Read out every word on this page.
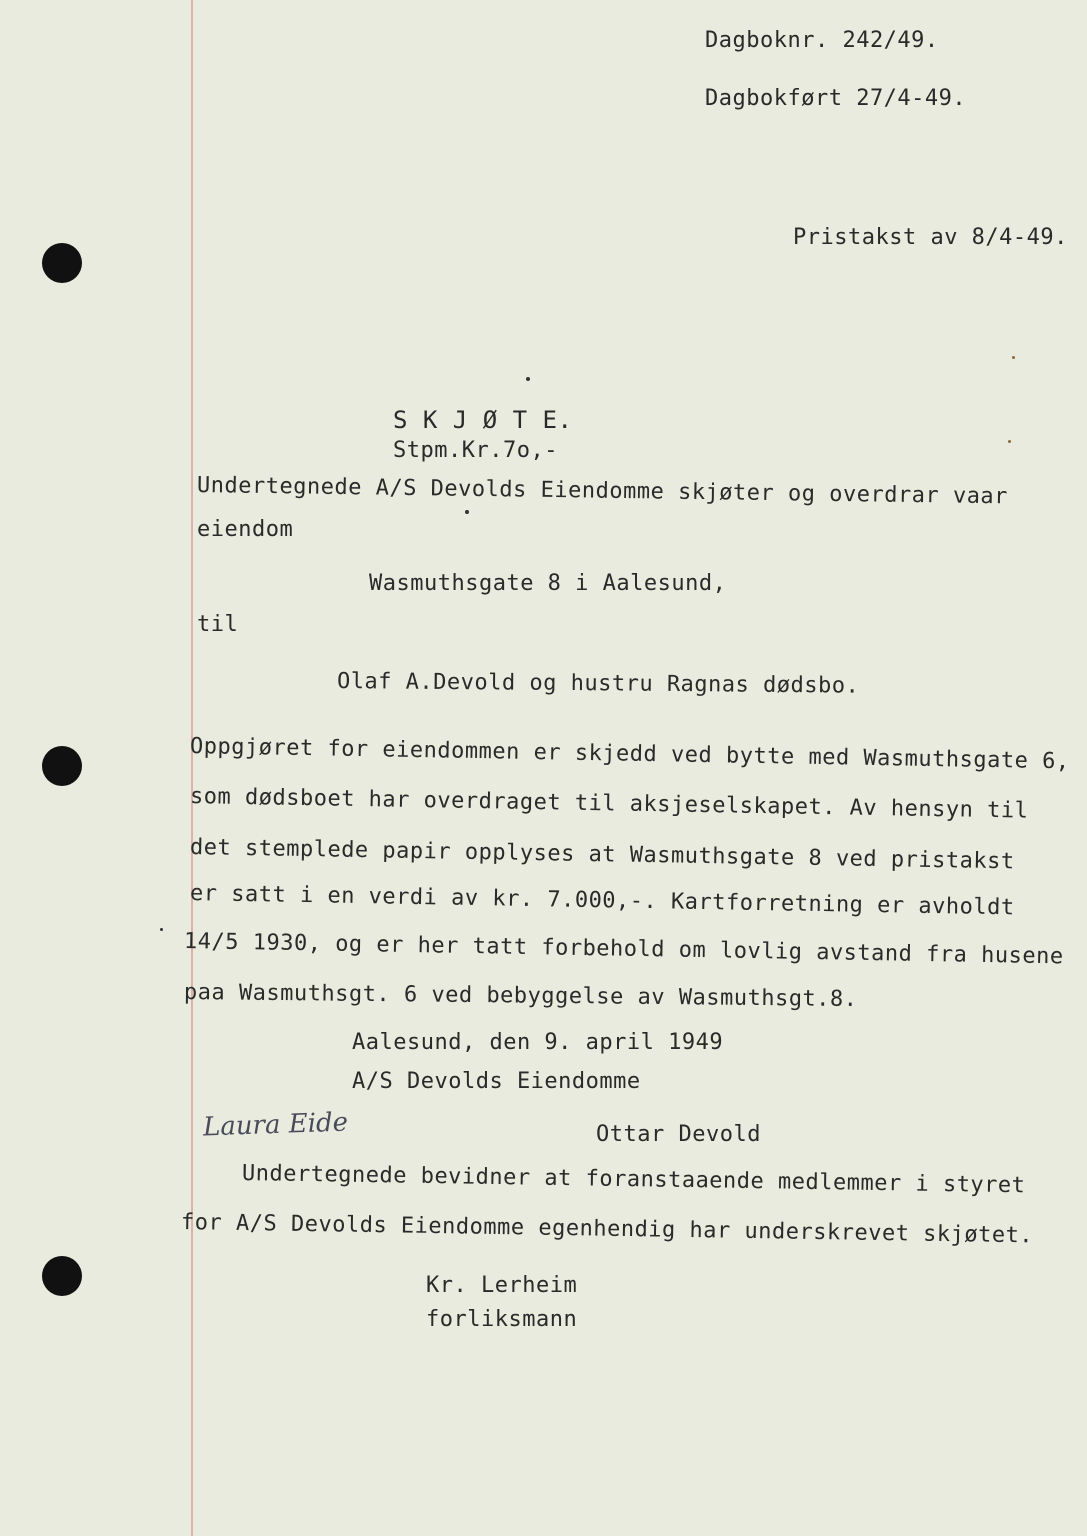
Dagboknr. 242/49.
Dagbokført 27/4-49.
Pristakst av 8/4-49.
S K J Ø T E.
Stpm.Kr.7o,-
Undertegnede A/S Devolds Eiendomme skjøter og overdrar vaar
eiendom
Wasmuthsgate 8 i Aalesund,
til
Olaf A.Devold og hustru Ragnas dødsbo.
Oppgjøret for eiendommen er skjedd ved bytte med Wasmuthsgate 6,
som dødsboet har overdraget til aksjeselskapet. Av hensyn til
det stemplede papir opplyses at Wasmuthsgate 8 ved pristakst
er satt i en verdi av kr. 7.000,-. Kartforretning er avholdt
14/5 1930, og er her tatt forbehold om lovlig avstand fra husene
paa Wasmuthsgt. 6 ved bebyggelse av Wasmuthsgt.8.
Aalesund, den 9. april 1949
A/S Devolds Eiendomme
Laura Eide	Ottar Devold
Undertegnede bevidner at foranstaaende medlemmer i styret
for A/S Devolds Eiendomme egenhendig har underskrevet skjøtet.
Kr. Lerheim
forliksmann
